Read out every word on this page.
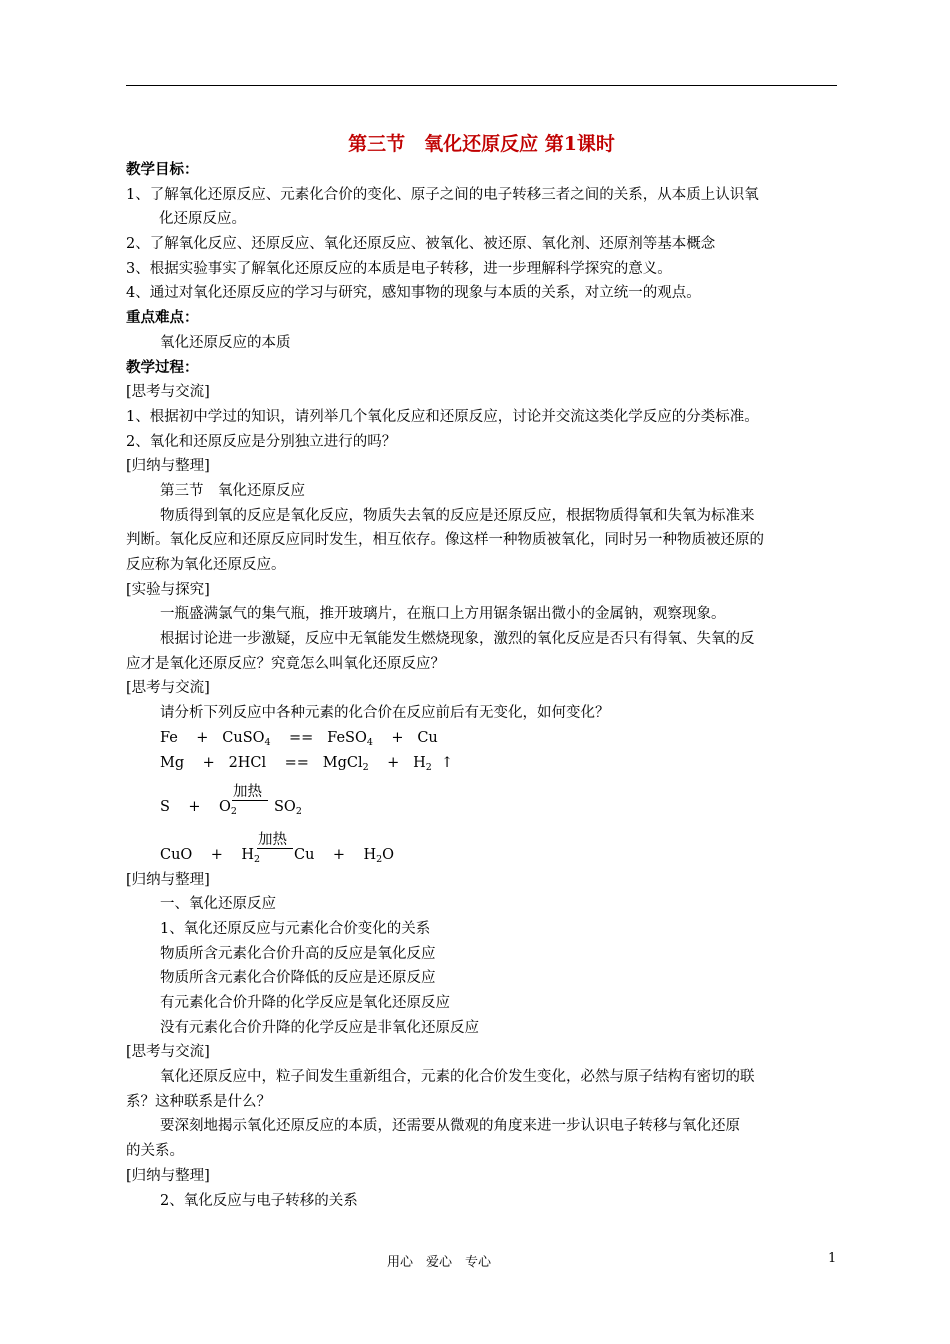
第三节　氧化还原反应 第1课时
教学目标：
1、了解氧化还原反应、元素化合价的变化、原子之间的电子转移三者之间的关系，从本质上认识氧
化还原反应。
2、了解氧化反应、还原反应、氧化还原反应、被氧化、被还原、氧化剂、还原剂等基本概念
3、根据实验事实了解氧化还原反应的本质是电子转移，进一步理解科学探究的意义。
4、通过对氧化还原反应的学习与研究，感知事物的现象与本质的关系，对立统一的观点。
重点难点：
氧化还原反应的本质
教学过程：
[思考与交流]
1、根据初中学过的知识，请列举几个氧化反应和还原反应，讨论并交流这类化学反应的分类标准。
2、氧化和还原反应是分别独立进行的吗？
[归纳与整理]
第三节　氧化还原反应
物质得到氧的反应是氧化反应，物质失去氧的反应是还原反应，根据物质得氧和失氧为标准来
判断。氧化反应和还原反应同时发生，相互依存。像这样一种物质被氧化，同时另一种物质被还原的
反应称为氧化还原反应。
[实验与探究]
一瓶盛满氯气的集气瓶，推开玻璃片，在瓶口上方用锯条锯出微小的金属钠，观察现象。
根据讨论进一步激疑，反应中无氧能发生燃烧现象，激烈的氧化反应是否只有得氧、失氧的反
应才是氧化还原反应？究竟怎么叫氧化还原反应？
[思考与交流]
请分析下列反应中各种元素的化合价在反应前后有无变化，如何变化？
Fe + CuSO$_4$ == FeSO$_4$ + Cu
Mg + 2HCl == MgCl$_2$ + $H_2$ ↑
$S + O_2$
加热
$SO_2$
CuO + $H_2$
加热
$Cu + H_2O$
[归纳与整理]
一、氧化还原反应
1、氧化还原反应与元素化合价变化的关系
物质所含元素化合价升高的反应是氧化反应
物质所含元素化合价降低的反应是还原反应
有元素化合价升降的化学反应是氧化还原反应
没有元素化合价升降的化学反应是非氧化还原反应
[思考与交流]
氧化还原反应中，粒子间发生重新组合，元素的化合价发生变化，必然与原子结构有密切的联
系？这种联系是什么？
要深刻地揭示氧化还原反应的本质，还需要从微观的角度来进一步认识电子转移与氧化还原
的关系。
[归纳与整理]
2、氧化反应与电子转移的关系
用心　爱心　专心	1
